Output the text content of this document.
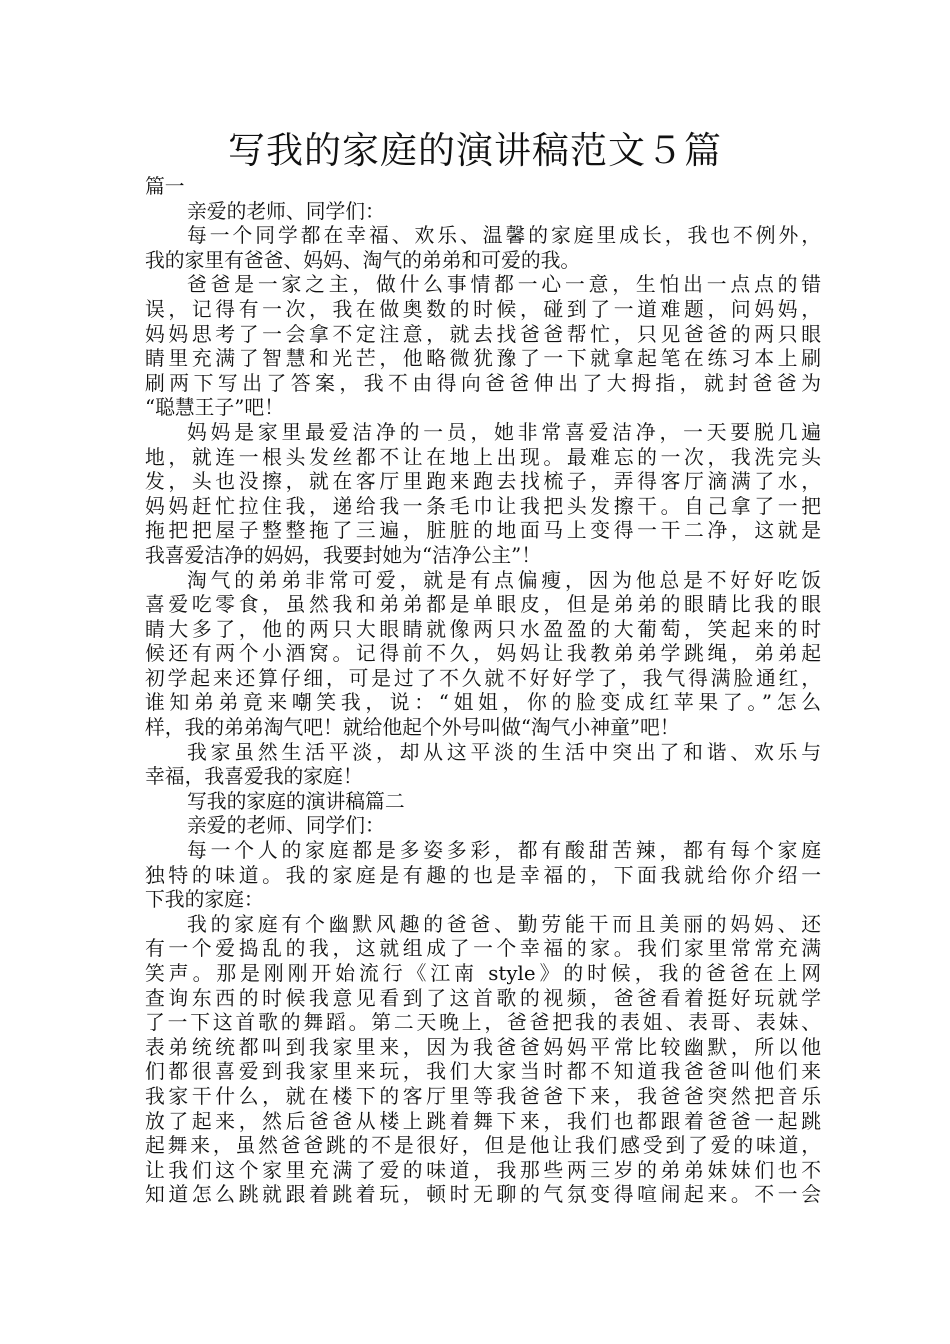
写我的家庭的演讲稿范文５篇

篇一

亲爱的老师、同学们：

每一个同学都在幸福、欢乐、温馨的家庭里成长，我也不例外，

我的家里有爸爸、妈妈、淘气的弟弟和可爱的我。

爸爸是一家之主，做什么事情都一心一意，生怕出一点点的错

误，记得有一次，我在做奥数的时候，碰到了一道难题，问妈妈，

妈妈思考了一会拿不定注意，就去找爸爸帮忙，只见爸爸的两只眼

睛里充满了智慧和光芒，他略微犹豫了一下就拿起笔在练习本上刷

刷两下写出了答案，我不由得向爸爸伸出了大拇指，就封爸爸为

“聪慧王子”吧！

妈妈是家里最爱洁净的一员，她非常喜爱洁净，一天要脱几遍

地，就连一根头发丝都不让在地上出现。最难忘的一次，我洗完头

发，头也没擦，就在客厅里跑来跑去找梳子，弄得客厅滴满了水，

妈妈赶忙拉住我，递给我一条毛巾让我把头发擦干。自己拿了一把

拖把把屋子整整拖了三遍，脏脏的地面马上变得一干二净，这就是

我喜爱洁净的妈妈，我要封她为“洁净公主”！

淘气的弟弟非常可爱，就是有点偏瘦，因为他总是不好好吃饭

喜爱吃零食，虽然我和弟弟都是单眼皮，但是弟弟的眼睛比我的眼

睛大多了，他的两只大眼睛就像两只水盈盈的大葡萄，笑起来的时

候还有两个小酒窝。记得前不久，妈妈让我教弟弟学跳绳，弟弟起

初学起来还算仔细，可是过了不久就不好好学了，我气得满脸通红，

谁知弟弟竟来嘲笑我，说：“姐姐，你的脸变成红苹果了。”怎么

样，我的弟弟淘气吧！就给他起个外号叫做“淘气小神童”吧！

我家虽然生活平淡，却从这平淡的生活中突出了和谐、欢乐与

幸福，我喜爱我的家庭！

写我的家庭的演讲稿篇二

亲爱的老师、同学们：

每一个人的家庭都是多姿多彩，都有酸甜苦辣，都有每个家庭

独特的味道。我的家庭是有趣的也是幸福的，下面我就给你介绍一

下我的家庭：

我的家庭有个幽默风趣的爸爸、勤劳能干而且美丽的妈妈、还

有一个爱捣乱的我，这就组成了一个幸福的家。我们家里常常充满

笑声。那是刚刚开始流行《江南 style》的时候，我的爸爸在上网

查询东西的时候我意见看到了这首歌的视频，爸爸看着挺好玩就学

了一下这首歌的舞蹈。第二天晚上，爸爸把我的表姐、表哥、表妹、

表弟统统都叫到我家里来，因为我爸爸妈妈平常比较幽默，所以他

们都很喜爱到我家里来玩，我们大家当时都不知道我爸爸叫他们来

我家干什么，就在楼下的客厅里等我爸爸下来，我爸爸突然把音乐

放了起来，然后爸爸从楼上跳着舞下来，我们也都跟着爸爸一起跳

起舞来，虽然爸爸跳的不是很好，但是他让我们感受到了爱的味道，

让我们这个家里充满了爱的味道，我那些两三岁的弟弟妹妹们也不

知道怎么跳就跟着跳着玩，顿时无聊的气氛变得喧闹起来。不一会
